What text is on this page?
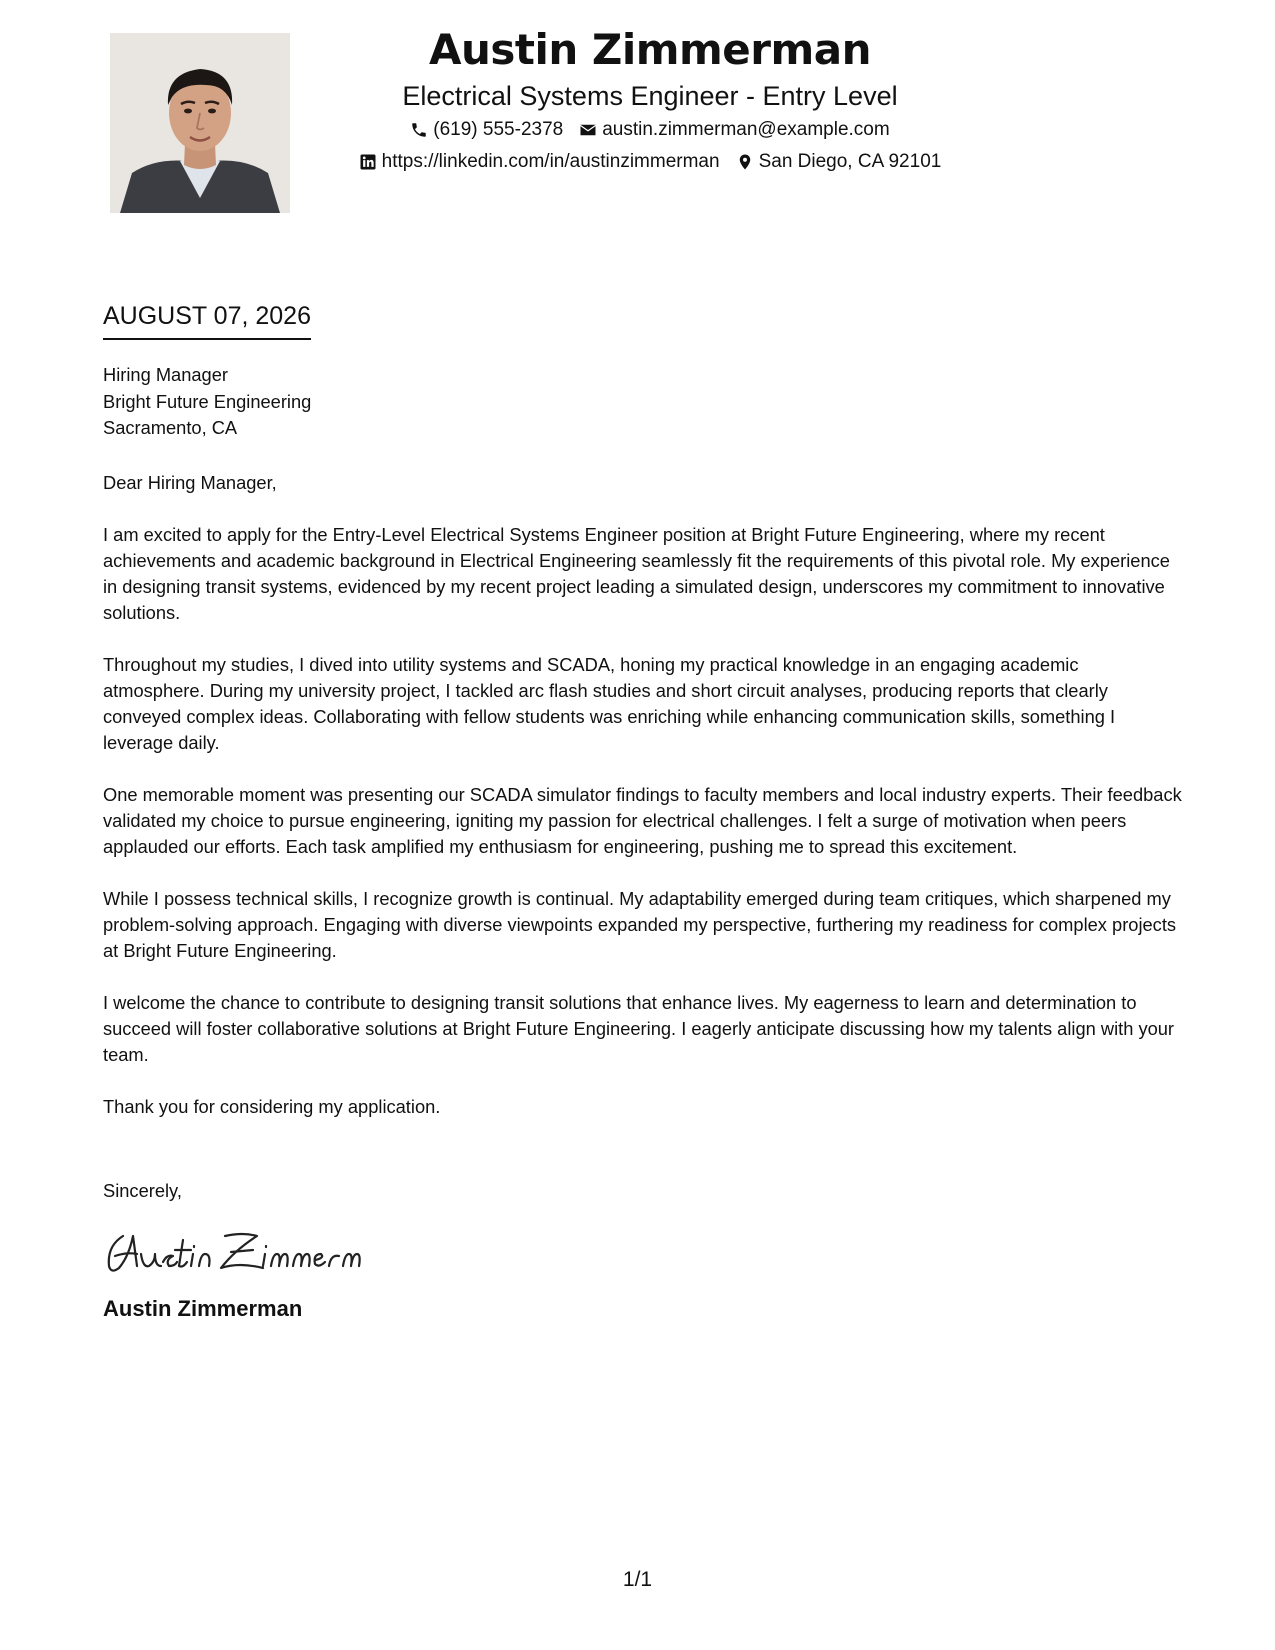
Austin Zimmerman
Electrical Systems Engineer - Entry Level
(619) 555-2378 austin.zimmerman@example.com
https://linkedin.com/in/austinzimmerman San Diego, CA 92101
AUGUST 07, 2026
Hiring Manager
Bright Future Engineering
Sacramento, CA

Dear Hiring Manager,

I am excited to apply for the Entry-Level Electrical Systems Engineer position at Bright Future Engineering, where my recent achievements and academic background in Electrical Engineering seamlessly fit the requirements of this pivotal role. My experience in designing transit systems, evidenced by my recent project leading a simulated design, underscores my commitment to innovative solutions.

Throughout my studies, I dived into utility systems and SCADA, honing my practical knowledge in an engaging academic atmosphere. During my university project, I tackled arc flash studies and short circuit analyses, producing reports that clearly conveyed complex ideas. Collaborating with fellow students was enriching while enhancing communication skills, something I leverage daily.

One memorable moment was presenting our SCADA simulator findings to faculty members and local industry experts. Their feedback validated my choice to pursue engineering, igniting my passion for electrical challenges. I felt a surge of motivation when peers applauded our efforts. Each task amplified my enthusiasm for engineering, pushing me to spread this excitement.

While I possess technical skills, I recognize growth is continual. My adaptability emerged during team critiques, which sharpened my problem-solving approach. Engaging with diverse viewpoints expanded my perspective, furthering my readiness for complex projects at Bright Future Engineering.

I welcome the chance to contribute to designing transit solutions that enhance lives. My eagerness to learn and determination to succeed will foster collaborative solutions at Bright Future Engineering. I eagerly anticipate discussing how my talents align with your team.

Thank you for considering my application.

Sincerely,
Austin Zimmerman
1/1
